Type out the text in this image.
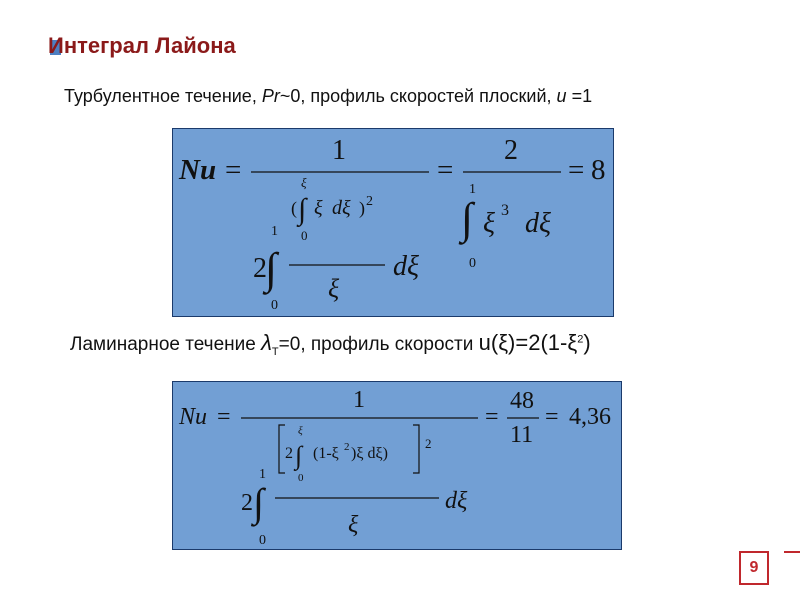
Интеграл Лайона
Турбулентное течение, Pr~0, профиль скоростей плоский, u =1
Nu =
1
ξ
( ∫ ξ dξ ) 2
0
1
2
∫ ξ
dξ
0
=
2
1
∫ ξ 3 dξ
0
= 8
Ламинарное течение $\lambda_T=0$, профиль скорости $u(\xi)=2(1-\xi^2)$
Nu =
1
ξ
2 ∫
0
(1-ξ 2 )ξ dξ)
2
1
2 ∫	ξ
dξ
0
=
48
11
= 4,36
9
